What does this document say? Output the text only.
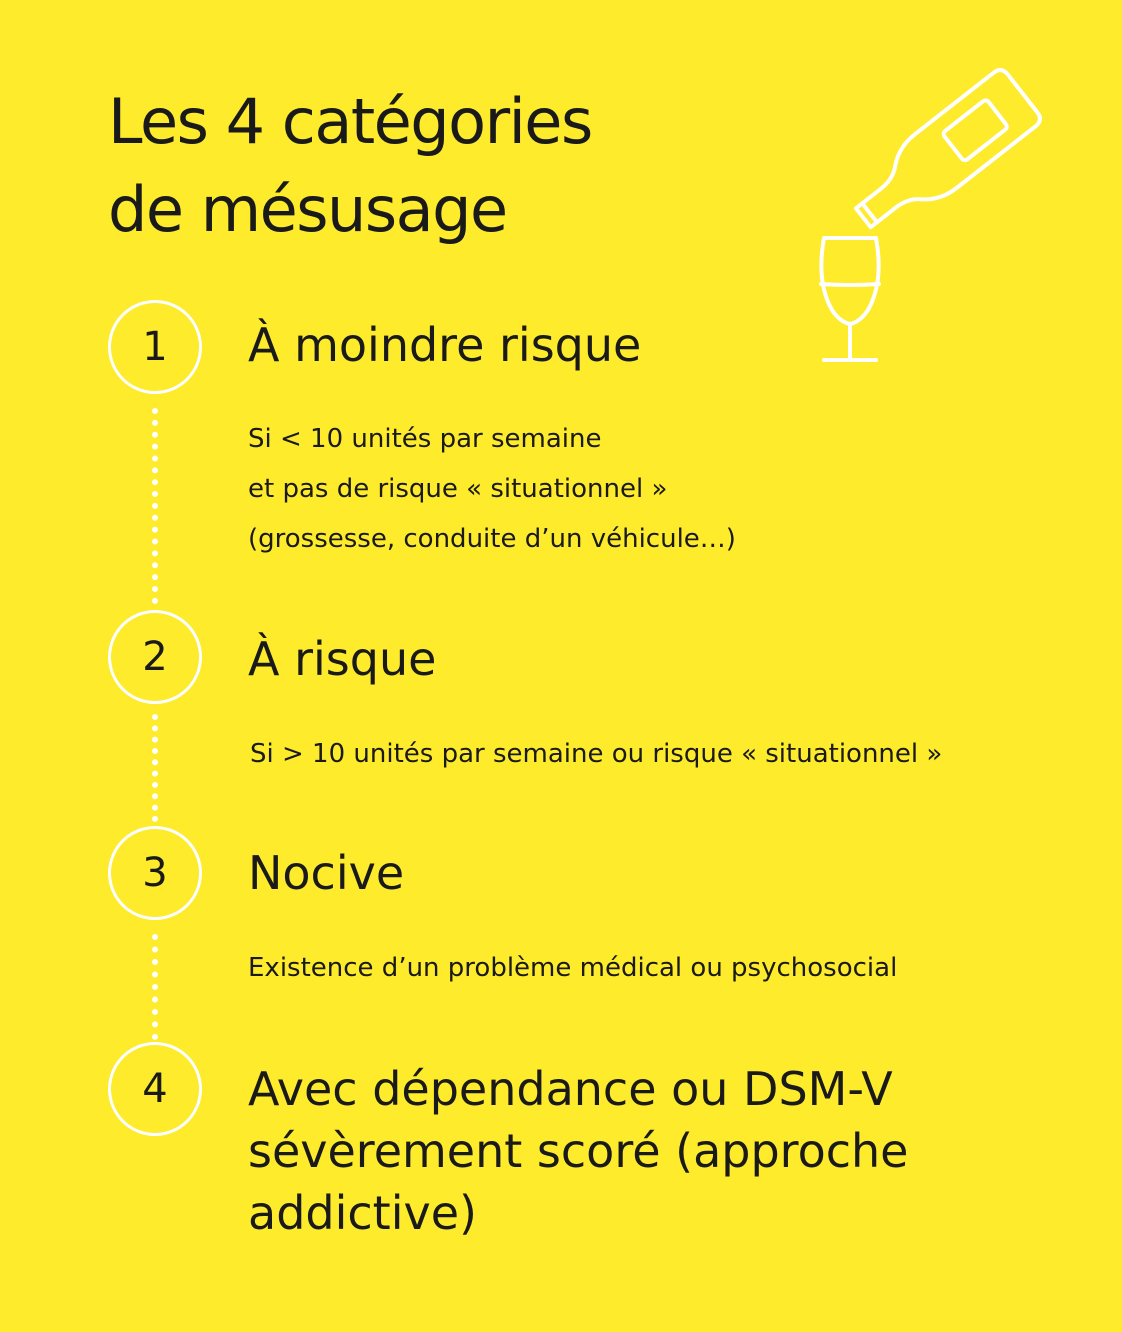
Les 4 catégories
de mésusage
1	À moindre risque

Si < 10 unités par semaine
et pas de risque « situationnel »
(grossesse, conduite d’un véhicule…)

2	À risque

Si > 10 unités par semaine ou risque « situationnel »

3	Nocive

Existence d’un problème médical ou psychosocial

4	Avec dépendance ou DSM-V
sévèrement scoré (approche
addictive)
